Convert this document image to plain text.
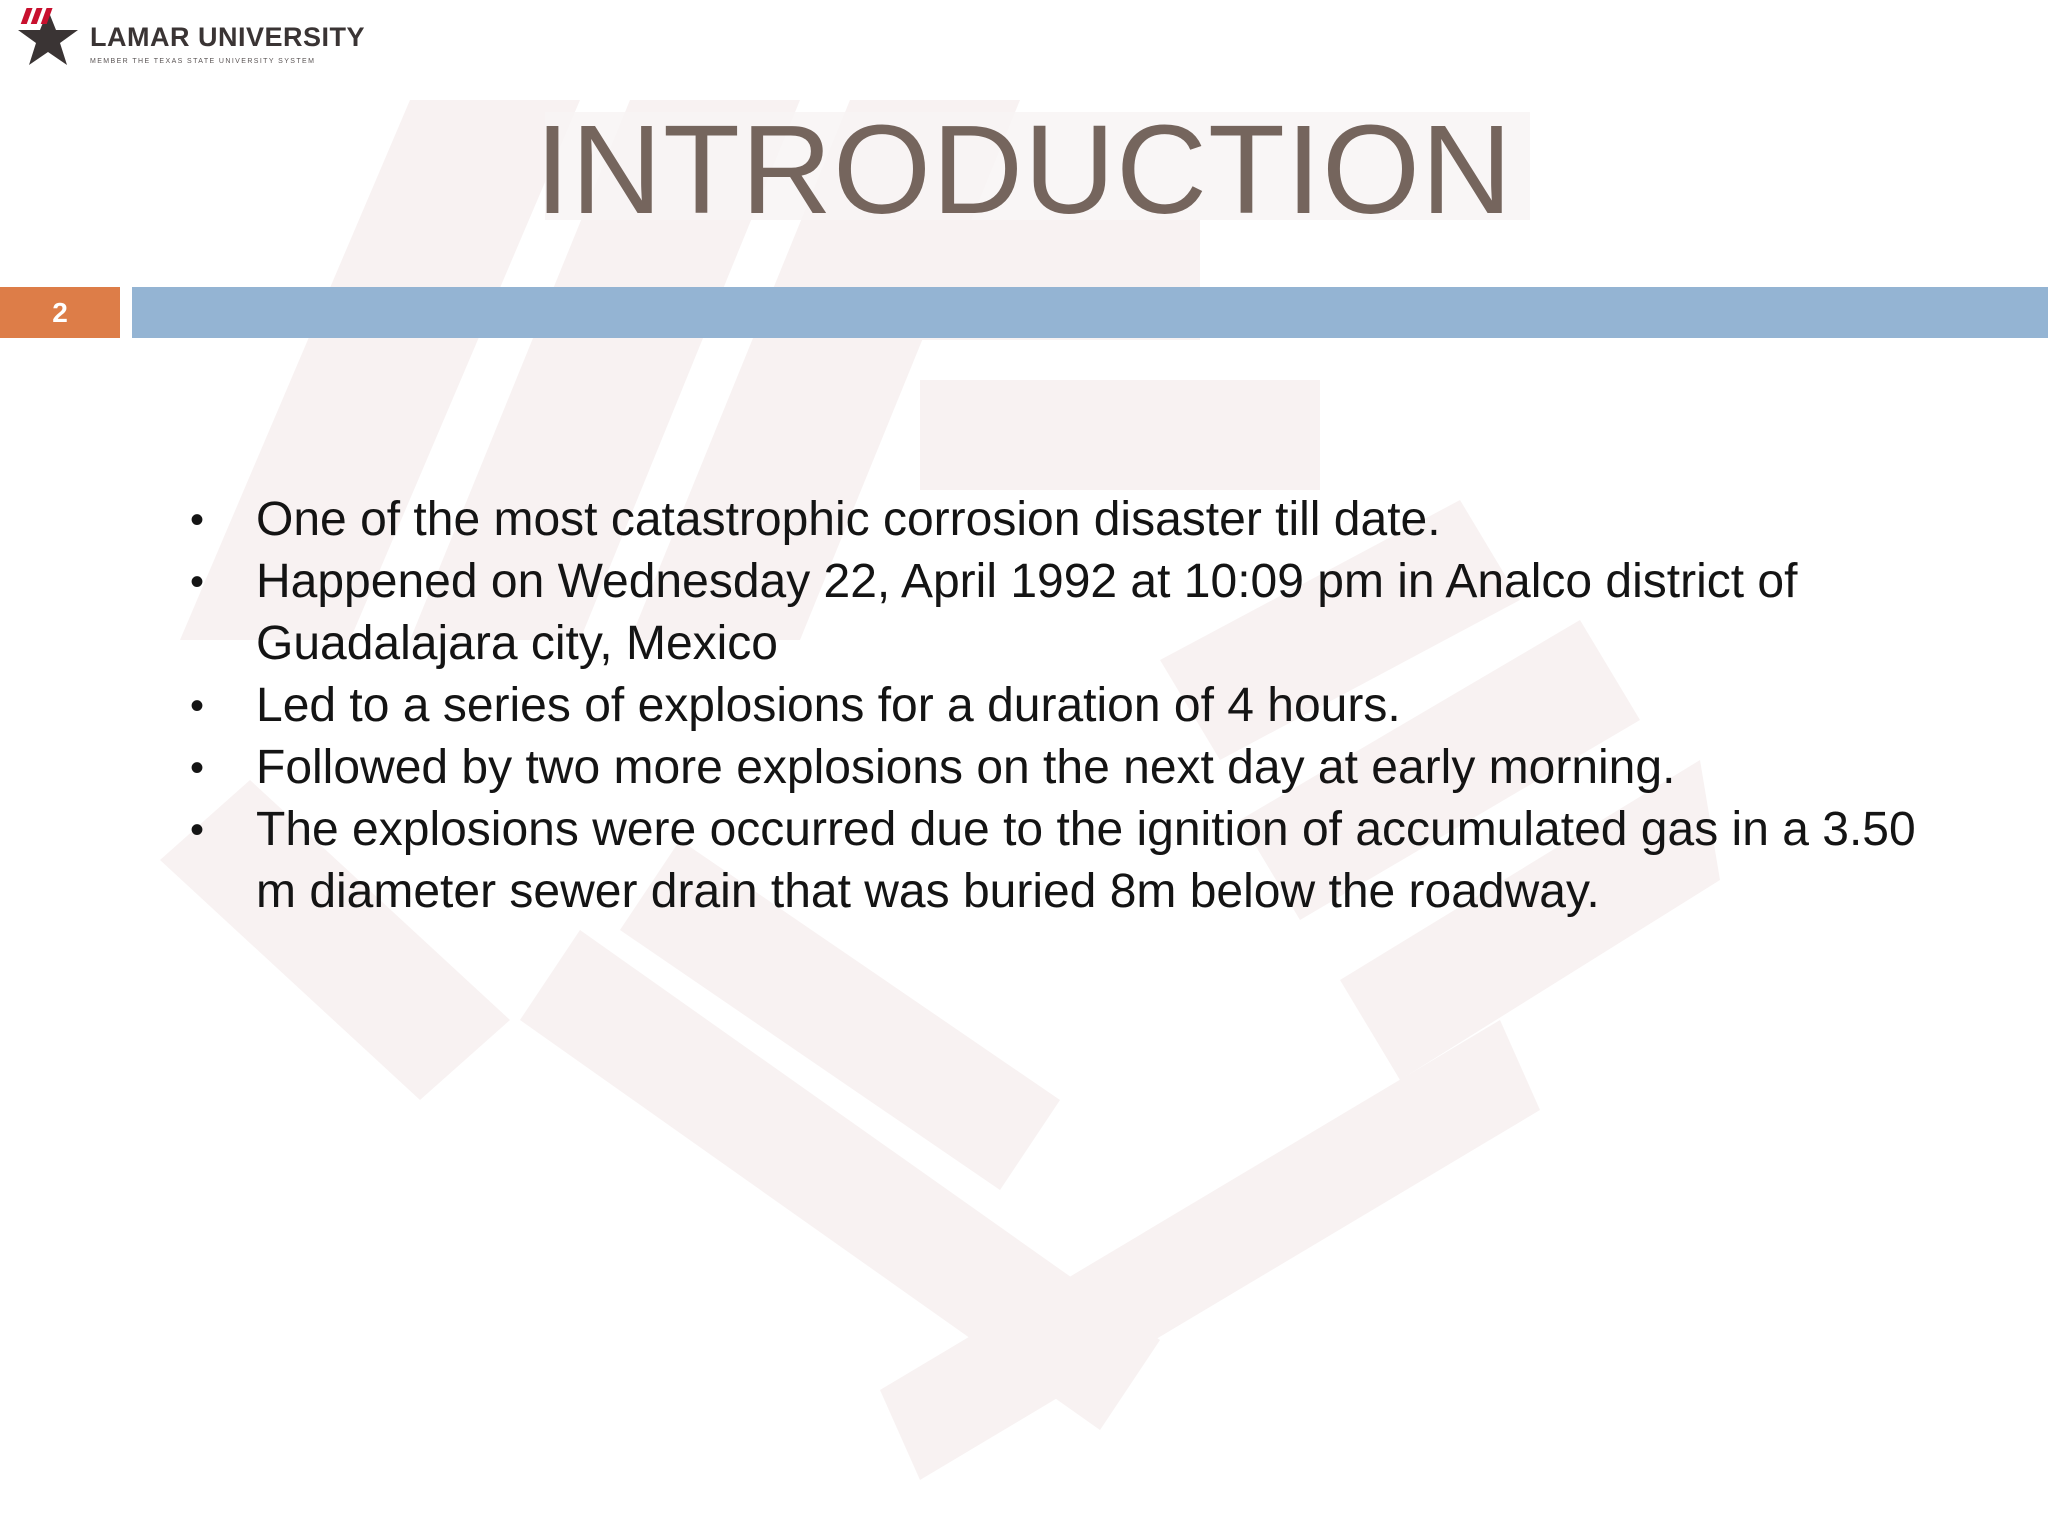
LAMAR UNIVERSITY
MEMBER THE TEXAS STATE UNIVERSITY SYSTEM
INTRODUCTION
2
•	One of the most catastrophic corrosion disaster till date.
•	Happened on Wednesday 22, April 1992 at 10:09 pm in Analco district of Guadalajara city, Mexico
•	Led to a series of explosions for a duration of 4 hours.
•	Followed by two more explosions on the next day at early morning.
•	The explosions were occurred due to the ignition of accumulated gas in a 3.50 m diameter sewer drain that was buried 8m below the roadway.
